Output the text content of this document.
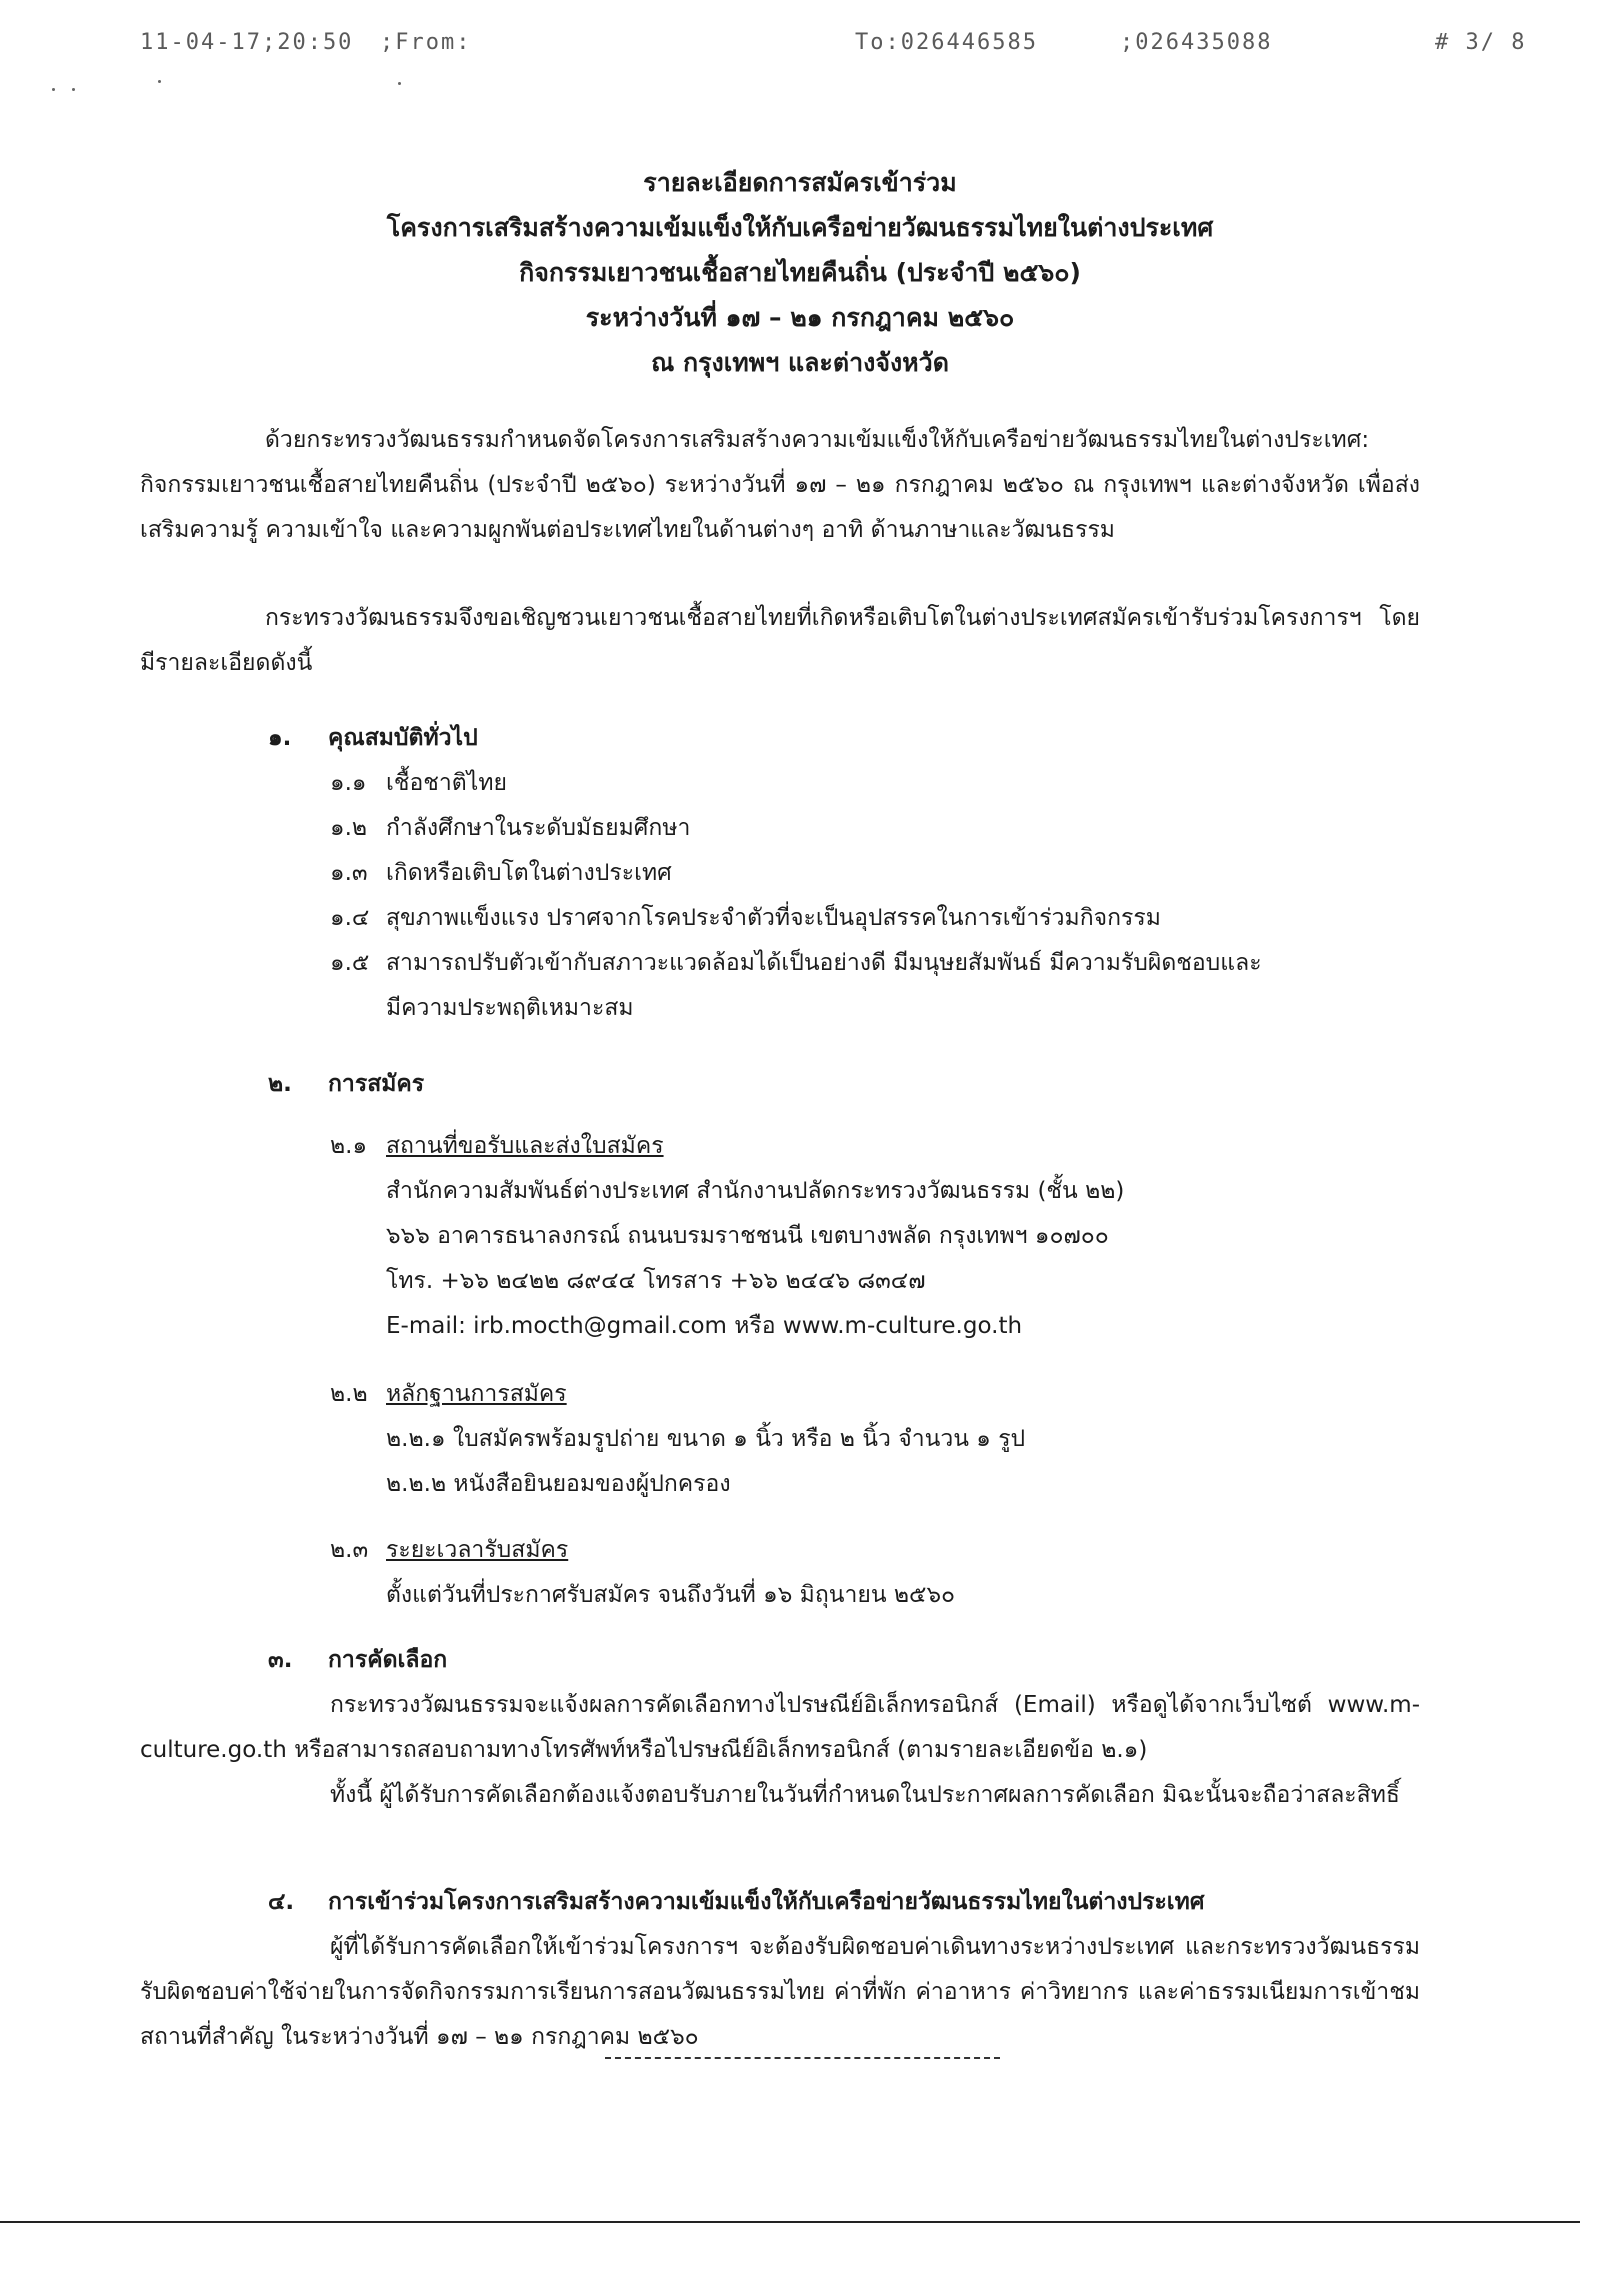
11-04-17;20:50 ;From:	To:026446585	;026435088	# 3/ 8
รายละเอียดการสมัครเข้าร่วม
โครงการเสริมสร้างความเข้มแข็งให้กับเครือข่ายวัฒนธรรมไทยในต่างประเทศ
กิจกรรมเยาวชนเชื้อสายไทยคืนถิ่น (ประจำปี ๒๕๖๐)
ระหว่างวันที่ ๑๗ – ๒๑ กรกฎาคม ๒๕๖๐
ณ กรุงเทพฯ และต่างจังหวัด
ด้วยกระทรวงวัฒนธรรมกำหนดจัดโครงการเสริมสร้างความเข้มแข็งให้กับเครือข่ายวัฒนธรรมไทยในต่างประเทศ: กิจกรรมเยาวชนเชื้อสายไทยคืนถิ่น (ประจำปี ๒๕๖๐) ระหว่างวันที่ ๑๗ – ๒๑ กรกฎาคม ๒๕๖๐ ณ กรุงเทพฯ และต่างจังหวัด เพื่อส่งเสริมความรู้ ความเข้าใจ และความผูกพันต่อประเทศไทยในด้านต่างๆ อาทิ ด้านภาษาและวัฒนธรรม
กระทรวงวัฒนธรรมจึงขอเชิญชวนเยาวชนเชื้อสายไทยที่เกิดหรือเติบโตในต่างประเทศสมัครเข้ารับร่วมโครงการฯ โดยมีรายละเอียดดังนี้
๑. คุณสมบัติทั่วไป
๑.๑ เชื้อชาติไทย
๑.๒ กำลังศึกษาในระดับมัธยมศึกษา
๑.๓ เกิดหรือเติบโตในต่างประเทศ
๑.๔ สุขภาพแข็งแรง ปราศจากโรคประจำตัวที่จะเป็นอุปสรรคในการเข้าร่วมกิจกรรม
๑.๕ สามารถปรับตัวเข้ากับสภาวะแวดล้อมได้เป็นอย่างดี มีมนุษยสัมพันธ์ มีความรับผิดชอบและ
มีความประพฤติเหมาะสม
๒. การสมัคร
๒.๑ สถานที่ขอรับและส่งใบสมัคร
สำนักความสัมพันธ์ต่างประเทศ สำนักงานปลัดกระทรวงวัฒนธรรม (ชั้น ๒๒)
๖๖๖ อาคารธนาลงกรณ์ ถนนบรมราชชนนี เขตบางพลัด กรุงเทพฯ ๑๐๗๐๐
โทร. +๖๖ ๒๔๒๒ ๘๙๔๔ โทรสาร +๖๖ ๒๔๔๖ ๘๓๔๗
E-mail: irb.mocth@gmail.com หรือ www.m-culture.go.th
๒.๒ หลักฐานการสมัคร
๒.๒.๑ ใบสมัครพร้อมรูปถ่าย ขนาด ๑ นิ้ว หรือ ๒ นิ้ว จำนวน ๑ รูป
๒.๒.๒ หนังสือยินยอมของผู้ปกครอง
๒.๓ ระยะเวลารับสมัคร
ตั้งแต่วันที่ประกาศรับสมัคร จนถึงวันที่ ๑๖ มิถุนายน ๒๕๖๐
๓. การคัดเลือก
กระทรวงวัฒนธรรมจะแจ้งผลการคัดเลือกทางไปรษณีย์อิเล็กทรอนิกส์ (Email) หรือดูได้จากเว็บไซต์ www.m-culture.go.th หรือสามารถสอบถามทางโทรศัพท์หรือไปรษณีย์อิเล็กทรอนิกส์ (ตามรายละเอียดข้อ ๒.๑)
ทั้งนี้ ผู้ได้รับการคัดเลือกต้องแจ้งตอบรับภายในวันที่กำหนดในประกาศผลการคัดเลือก มิฉะนั้นจะถือว่าสละสิทธิ์
๔. การเข้าร่วมโครงการเสริมสร้างความเข้มแข็งให้กับเครือข่ายวัฒนธรรมไทยในต่างประเทศ
ผู้ที่ได้รับการคัดเลือกให้เข้าร่วมโครงการฯ จะต้องรับผิดชอบค่าเดินทางระหว่างประเทศ และกระทรวงวัฒนธรรมรับผิดชอบค่าใช้จ่ายในการจัดกิจกรรมการเรียนการสอนวัฒนธรรมไทย ค่าที่พัก ค่าอาหาร ค่าวิทยากร และค่าธรรมเนียมการเข้าชมสถานที่สำคัญ ในระหว่างวันที่ ๑๗ – ๒๑ กรกฎาคม ๒๕๖๐
